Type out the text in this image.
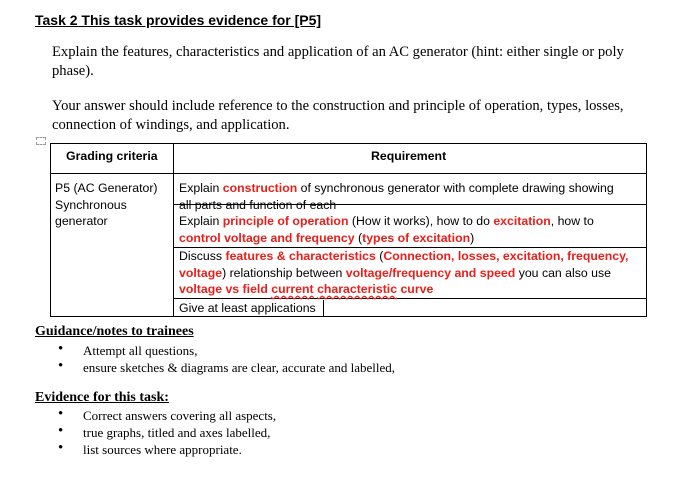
Task 2 This task provides evidence for [P5]
Explain the features, characteristics and application of an AC generator (hint: either single or poly phase).
Your answer should include reference to the construction and principle of operation, types, losses, connection of windings, and application.
Grading criteria	Requirement
P5 (AC Generator)
Synchronous
generator
Explain construction of synchronous generator with complete drawing showing
all parts and function of each
Explain principle of operation (How it works), how to do excitation, how to
control voltage and frequency (types of excitation)
Discuss features & characteristics (Connection, losses, excitation, frequency,
voltage) relationship between voltage/frequency and speed you can also use
voltage vs field current characteristic curve
Give at least applications
Guidance/notes to trainees
• Attempt all questions,
• ensure sketches & diagrams are clear, accurate and labelled,
Evidence for this task:
• Correct answers covering all aspects,
• true graphs, titled and axes labelled,
• list sources where appropriate.
